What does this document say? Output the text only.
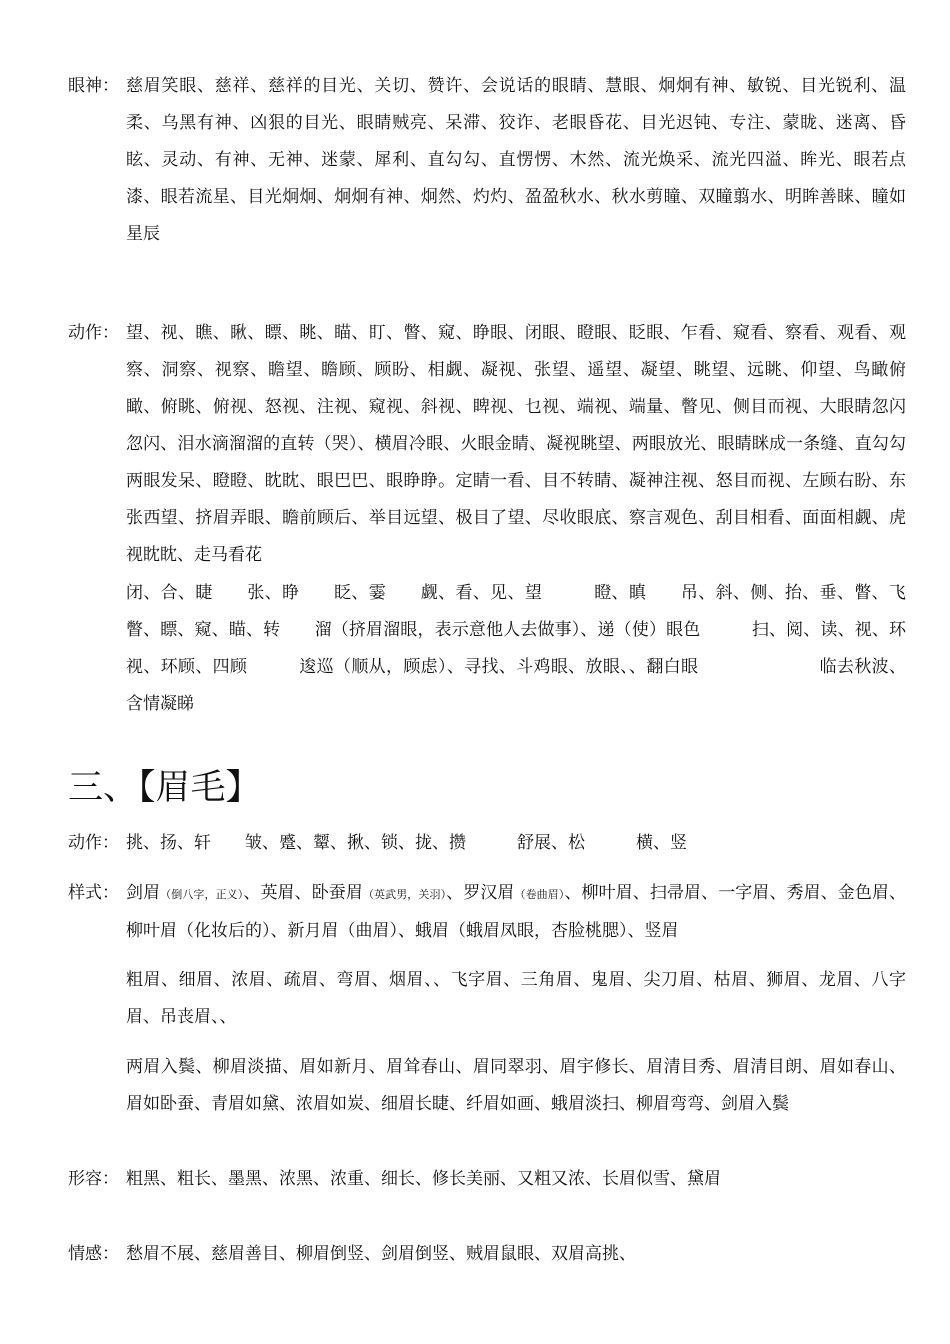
眼神： 慈眉笑眼、慈祥、慈祥的目光、关切、赞许、会说话的眼睛、慧眼、炯炯有神、敏锐、目光锐利、温柔、乌黑有神、凶狠的目光、眼睛贼亮、呆滞、狡诈、老眼昏花、目光迟钝、专注、蒙眬、迷离、昏眩、灵动、有神、无神、迷蒙、犀利、直勾勾、直愣愣、木然、流光焕采、流光四溢、眸光、眼若点漆、眼若流星、目光炯炯、炯炯有神、炯然、灼灼、盈盈秋水、秋水剪瞳、双瞳翦水、明眸善睐、瞳如星辰
动作： 望、视、瞧、瞅、瞟、眺、瞄、盯、瞥、窥、睁眼、闭眼、瞪眼、眨眼、乍看、窥看、察看、观看、观察、洞察、视察、瞻望、瞻顾、顾盼、相觑、凝视、张望、遥望、凝望、眺望、远眺、仰望、鸟瞰俯瞰、俯眺、俯视、怒视、注视、窥视、斜视、睥视、乜视、端视、端量、瞥见、侧目而视、大眼睛忽闪忽闪、泪水滴溜溜的直转（哭）、横眉冷眼、火眼金睛、凝视眺望、两眼放光、眼睛眯成一条缝、直勾勾两眼发呆、瞪瞪、眈眈、眼巴巴、眼睁睁。定睛一看、目不转睛、凝神注视、怒目而视、左顾右盼、东张西望、挤眉弄眼、瞻前顾后、举目远望、极目了望、尽收眼底、察言观色、刮目相看、面面相觑、虎视眈眈、走马看花
闭、合、睫　　张、睁　　眨、霎　　觑、看、见、望　　　瞪、瞋　　吊、斜、侧、抬、垂、瞥、飞瞥、瞟、窥、瞄、转　　溜（挤眉溜眼，表示意他人去做事）、递（使）眼色　　　扫、阅、读、视、环视、环顾、四顾　　　逡巡（顺从，顾虑）、寻找、斗鸡眼、放眼、、翻白眼　　　　　　　临去秋波、含情凝睇
三、【眉毛】
动作： 挑、扬、轩　　皱、蹙、颦、揪、锁、拢、攒　　　舒展、松　　　横、竖
样式： 剑眉（倒八字，正义）、英眉、卧蚕眉（英武男，关羽）、罗汉眉（卷曲眉）、柳叶眉、扫帚眉、一字眉、秀眉、金色眉、柳叶眉（化妆后的）、新月眉（曲眉）、蛾眉（蛾眉凤眼，杏脸桃腮）、竖眉
粗眉、细眉、浓眉、疏眉、弯眉、烟眉、、飞字眉、三角眉、鬼眉、尖刀眉、枯眉、狮眉、龙眉、八字眉、吊丧眉、、
两眉入鬓、柳眉淡描、眉如新月、眉耸春山、眉同翠羽、眉宇修长、眉清目秀、眉清目朗、眉如春山、眉如卧蚕、青眉如黛、浓眉如炭、细眉长睫、纤眉如画、蛾眉淡扫、柳眉弯弯、剑眉入鬓
形容： 粗黑、粗长、墨黑、浓黑、浓重、细长、修长美丽、又粗又浓、长眉似雪、黛眉
情感： 愁眉不展、慈眉善目、柳眉倒竖、剑眉倒竖、贼眉鼠眼、双眉高挑、
